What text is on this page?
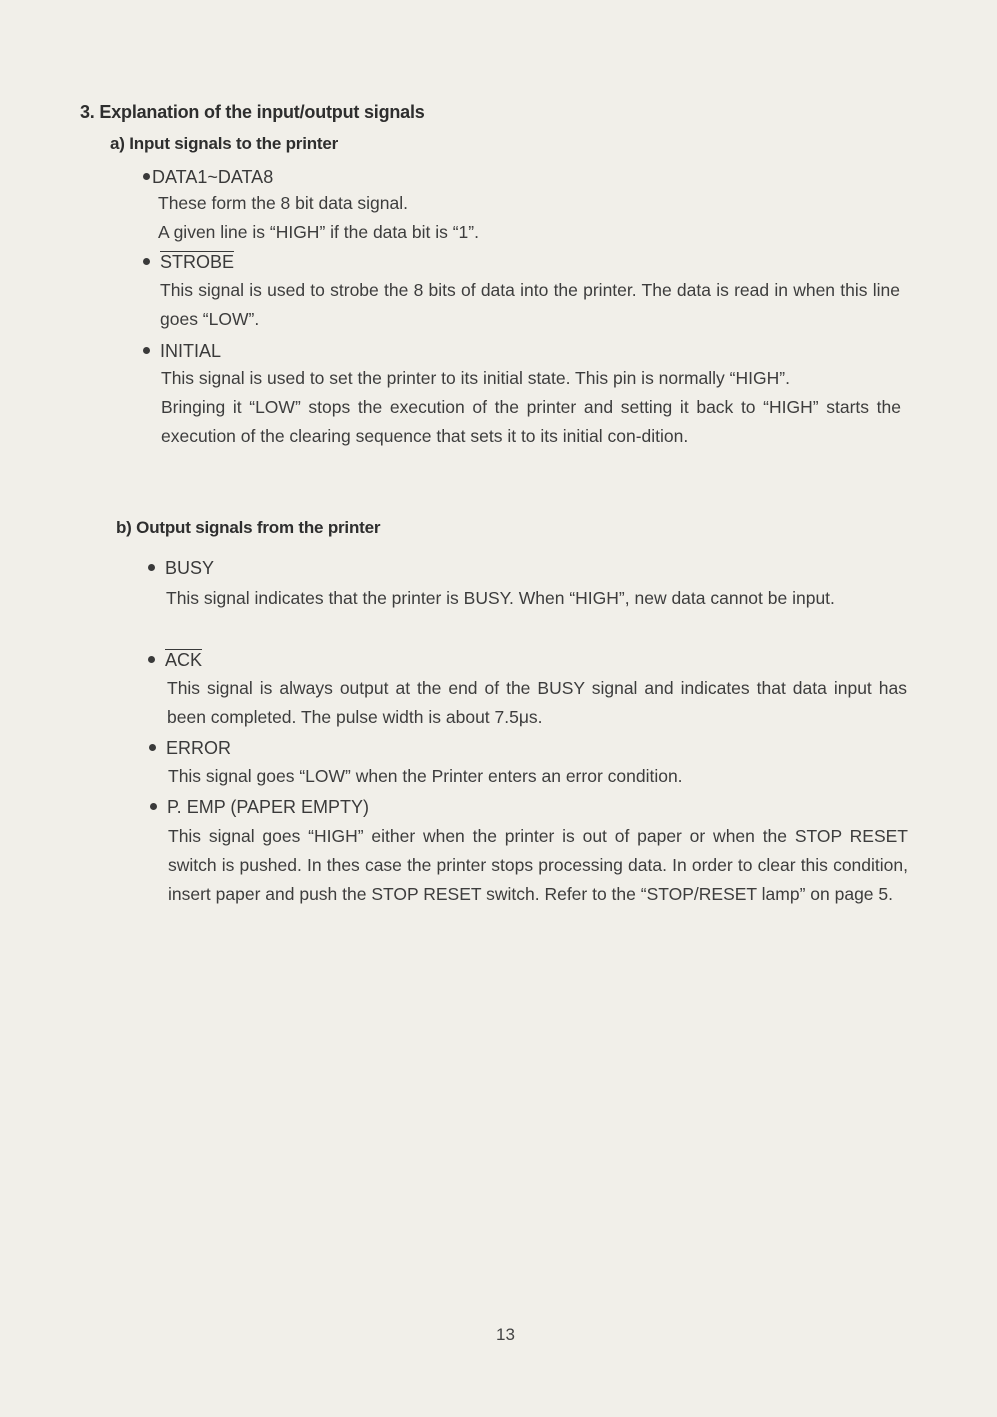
3. Explanation of the input/output signals
a) Input signals to the printer
DATA1~DATA8

These form the 8 bit data signal.

A given line is “HIGH” if the data bit is “1”.

STROBE

This signal is used to strobe the 8 bits of data into the printer. The data is read in when this line goes “LOW”.

INITIAL

This signal is used to set the printer to its initial state. This pin is normally “HIGH”.

Bringing it “LOW” stops the execution of the printer and setting it back to “HIGH” starts the execution of the clearing sequence that sets it to its initial con-dition.

b) Output signals from the printer
BUSY

This signal indicates that the printer is BUSY. When “HIGH”, new data cannot be input.

$\overline{ACK}$

This signal is always output at the end of the BUSY signal and indicates that data input has been completed. The pulse width is about 7.5μs.

ERROR

This signal goes “LOW” when the Printer enters an error condition.

P. EMP (PAPER EMPTY)

This signal goes “HIGH” either when the printer is out of paper or when the STOP RESET switch is pushed. In thes case the printer stops processing data. In order to clear this condition, insert paper and push the STOP RESET switch. Refer to the “STOP/RESET lamp” on page 5.

13
